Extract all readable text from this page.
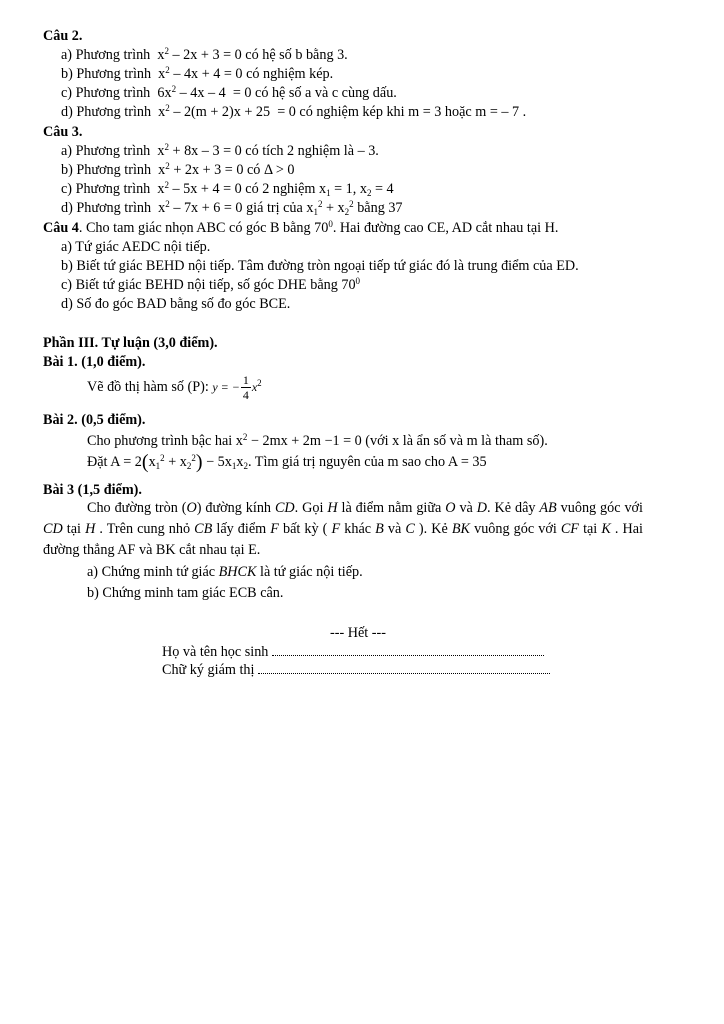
Câu 2.
a) Phương trình  $x^2 - 2x + 3 = 0$ có hệ số b bằng 3.
b) Phương trình  $x^2 - 4x + 4 = 0$ có nghiệm kép.
c) Phương trình  $6x^2 - 4x - 4 = 0$ có hệ số a và c cùng dấu.
d) Phương trình  $x^2 - 2(m + 2)x + 25 = 0$ có nghiệm kép khi m = 3 hoặc m = – 7 .
Câu 3.
a) Phương trình  $x^2 + 8x - 3 = 0$ có tích 2 nghiệm là – 3.
b) Phương trình  $x^2 + 2x + 3 = 0$ có Δ > 0
c) Phương trình  $x^2 - 5x + 4 = 0$ có 2 nghiệm $x_1 = 1$, $x_2 = 4$
d) Phương trình  $x^2 - 7x + 6 = 0$ giá trị của $x_1^2 + x_2^2$ bằng 37
Câu 4. Cho tam giác nhọn ABC có góc B bằng $70^0$. Hai đường cao CE, AD cắt nhau tại H.
a) Tứ giác AEDC nội tiếp.
b) Biết tứ giác BEHD nội tiếp. Tâm đường tròn ngoại tiếp tứ giác đó là trung điểm của ED.
c) Biết tứ giác BEHD nội tiếp, số góc DHE bằng $70^0$
d) Số đo góc BAD bằng số đo góc BCE.
Phần III. Tự luận (3,0 điểm).
Bài 1. (1,0 điểm).
Vẽ đồ thị hàm số (P): y = − $\frac{1}{4} x^2$
Bài 2. (0,5 điểm).
Cho phương trình bậc hai $x^2 - 2mx + 2m -1 = 0$ (với x là ẩn số và m là tham số).
Đặt $A = 2(x_1^2 + x_2^2) - 5x_1x_2$. Tìm giá trị nguyên của m sao cho A = 35
Bài 3 (1,5 điểm).
Cho đường tròn (O) đường kính CD. Gọi H là điểm nằm giữa O và D. Kẻ dây AB vuông góc với CD tại H . Trên cung nhỏ CB lấy điểm F bất kỳ ( F khác B và C ). Kẻ BK vuông góc với CF tại K . Hai đường thẳng AF và BK cắt nhau tại E.
a) Chứng minh tứ giác BHCK là tứ giác nội tiếp.
b) Chứng minh tam giác ECB cân.
--- Hết ---
Họ và tên học sinh
Chữ ký giám thị
